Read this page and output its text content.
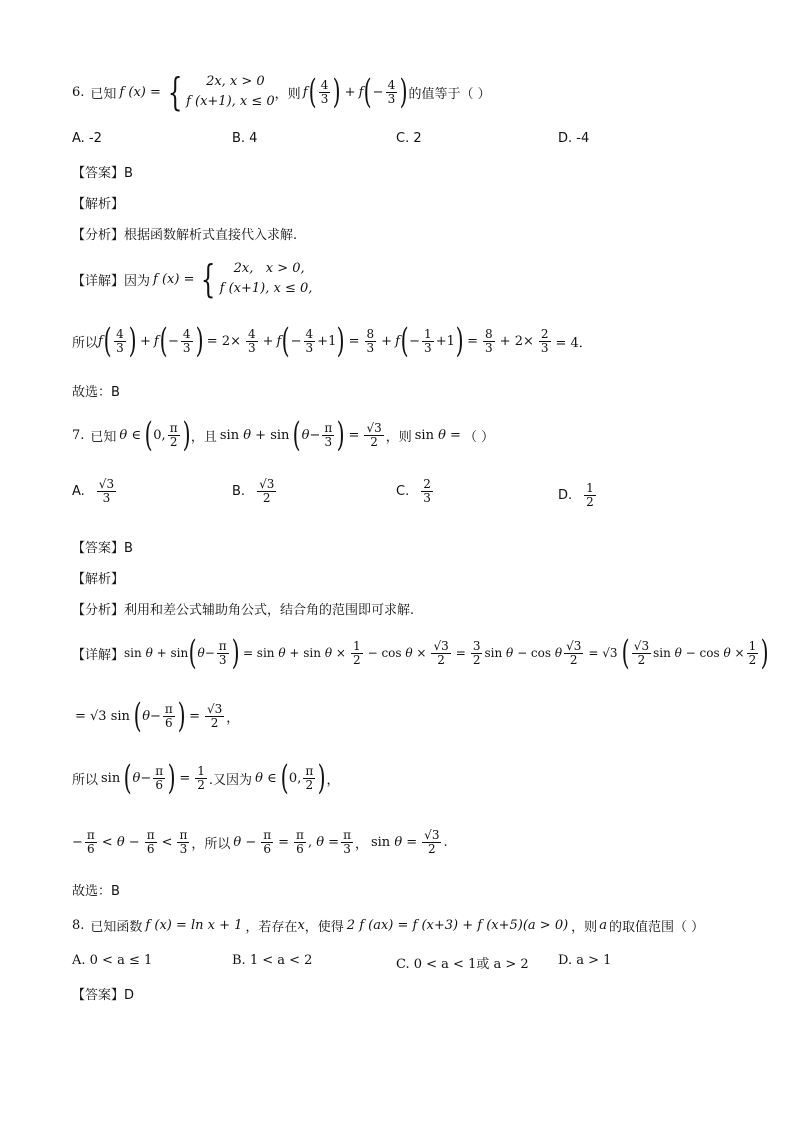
6. 已知 f (x) = {	2x, x > 0
f (x+1), x ≤ 0 ，则 f ( $\frac{4}{3}$ ) + f ( − $\frac{4}{3}$ ) 的值等于（ ）
A. -2	B. 4	C. 2	D. -4
【答案】B
【解析】
【分析】根据函数解析式直接代入求解.
【详解】因为 f (x) = {	2x,   x > 0,
f (x+1), x ≤ 0,
所以 f ( $\frac{4}{3}$ ) + f ( − $\frac{4}{3}$ ) = $2\times \frac{4}{3} + f$ ( − $\frac{4}{3} +1$ ) = $\frac{8}{3} + f$ ( − $\frac{1}{3} +1$ ) = $\frac{8}{3} + 2\times \frac{2}{3} = 4$．
故选：B
7. 已知 θ ∈ ( 0, $\frac{\pi}{2}$ ) ，且 sin θ + sin ( $\theta - \frac{\pi}{3}$ ) = $\frac{√3}{2}$ ，则 sin θ = （ ）
A. $\frac{√3}{3}$	B. $\frac{√3}{2}$	C. $\frac{2}{3}$	D. $\frac{1}{2}$
【答案】B
【解析】
【分析】利用和差公式辅助角公式，结合角的范围即可求解.
【详解】 sin θ + sin ( $\theta - \frac{\pi}{3}$ ) = $\sin \theta + \sin \theta \times \frac{1}{2} - \cos \theta \times \frac{√3}{2} = \frac{3}{2}$ sin θ − cos θ $\frac{√3}{2} = √3$ ( $\frac{√3}{2}$ $\sin \theta - \cos \theta \times \frac{1}{2}$ )
= √3 sin ( $\theta - \frac{\pi}{6}$ ) = $\frac{√3}{2}$ ，
所以 sin ( $\theta - \frac{\pi}{6}$ ) = $\frac{1}{2}$ .又因为 θ ∈ ( 0, $\frac{\pi}{2}$ ) ，
− $\frac{\pi}{6} < \theta - \frac{\pi}{6} < \frac{\pi}{3}$ ，所以 $\theta - \frac{\pi}{6} = \frac{\pi}{6}$ , $\theta = \frac{\pi}{3}$ ， $\sin \theta = \frac{√3}{2}$ .
故选：B
8. 已知函数 f (x) = ln x + 1 ，若存在 x ，使得 2 f (ax) = f (x+3) + f (x+5)(a > 0) ，则 a 的取值范围（ ）
A. 0 < a ≤ 1	B. 1 < a < 2	C. 0 < a < 1或 a > 2 D. a > 1
【答案】D
